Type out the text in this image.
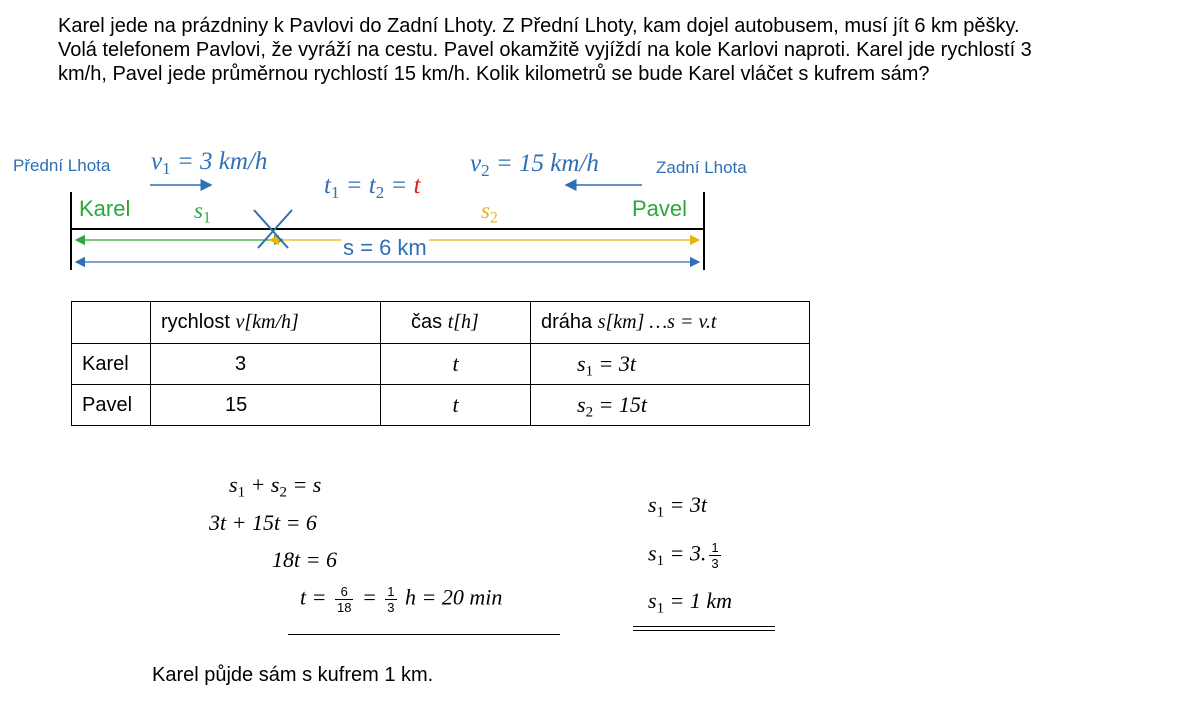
Karel jede na prázdniny k Pavlovi do Zadní Lhoty. Z Přední Lhoty, kam dojel autobusem, musí jít 6 km pěšky.
Volá telefonem Pavlovi, že vyráží na cestu. Pavel okamžitě vyjíždí na kole Karlovi naproti. Karel jde rychlostí 3
km/h, Pavel jede průměrnou rychlostí 15 km/h. Kolik kilometrů se bude Karel vláčet s kufrem sám?
Přední Lhota	Zadní Lhota
$v_1 = 3$ km/h	$v_2 = 15$ km/h
$t_1 = t_2 = t$
Karel	Pavel
$s_1$	$s_2$
s = 6 km
	rychlost v[km/h]	čas t[h]	dráha s[km] …s = v.t
Karel	3	t	$s_1 = 3t$
Pavel	15	t	$s_2 = 15t$
$s_1 + s_2 = s$
3t + 15t = 6
18t = 6
$t = \frac{6}{18} = \frac{1}{3}$ h = 20 min
$s_1 = 3t$
$s_1 = 3$. $\frac{1}{3}$
$s_1 = 1$ km
Karel půjde sám s kufrem 1 km.
